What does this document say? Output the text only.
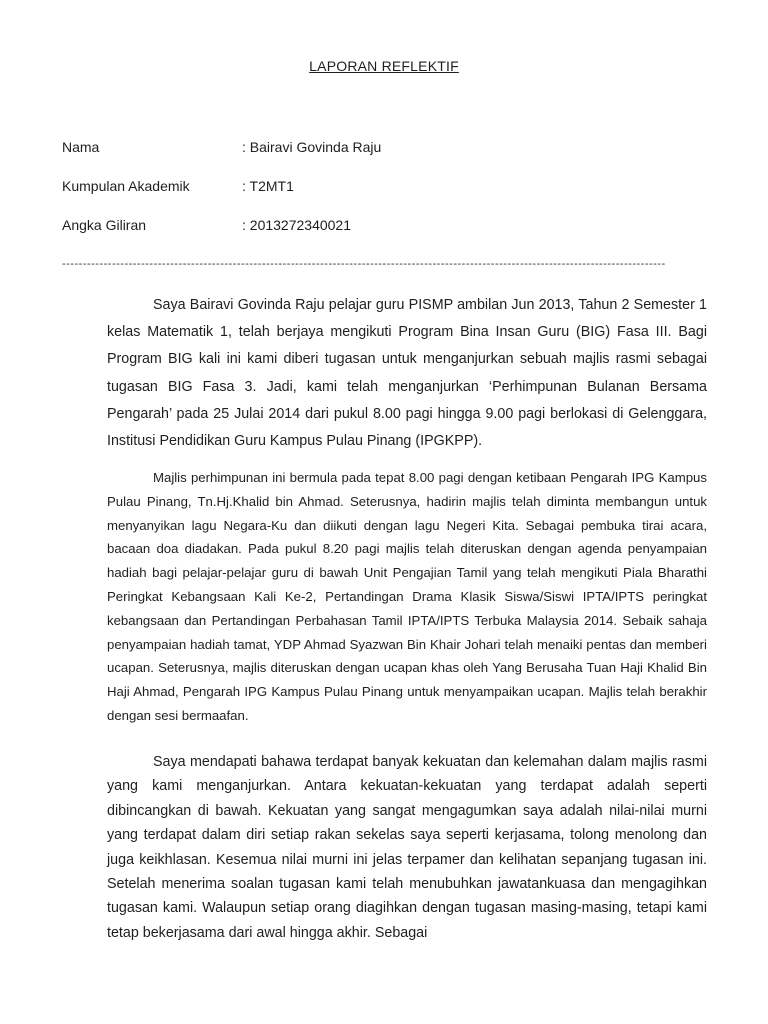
LAPORAN REFLEKTIF
Nama	: Bairavi Govinda Raju
Kumpulan Akademik	: T2MT1
Angka Giliran	: 2013272340021
-------------------------------------------------------------------------------------------------------------------------------------------------

Saya Bairavi Govinda Raju pelajar guru PISMP ambilan Jun 2013, Tahun 2 Semester 1 kelas Matematik 1, telah berjaya mengikuti Program Bina Insan Guru (BIG) Fasa III. Bagi Program BIG kali ini kami diberi tugasan untuk menganjurkan sebuah majlis rasmi sebagai tugasan BIG Fasa 3. Jadi, kami telah menganjurkan ‘Perhimpunan Bulanan Bersama Pengarah’ pada 25 Julai 2014 dari pukul 8.00 pagi hingga 9.00 pagi berlokasi di Gelenggara, Institusi Pendidikan Guru Kampus Pulau Pinang (IPGKPP).

Majlis perhimpunan ini bermula pada tepat 8.00 pagi dengan ketibaan Pengarah IPG Kampus Pulau Pinang, Tn.Hj.Khalid bin Ahmad. Seterusnya, hadirin majlis telah diminta membangun untuk menyanyikan lagu Negara-Ku dan diikuti dengan lagu Negeri Kita. Sebagai pembuka tirai acara, bacaan doa diadakan. Pada pukul 8.20 pagi majlis telah diteruskan dengan agenda penyampaian hadiah bagi pelajar-pelajar guru di bawah Unit Pengajian Tamil yang telah mengikuti Piala Bharathi Peringkat Kebangsaan Kali Ke-2, Pertandingan Drama Klasik Siswa/Siswi IPTA/IPTS peringkat kebangsaan dan Pertandingan Perbahasan Tamil IPTA/IPTS Terbuka Malaysia 2014. Sebaik sahaja penyampaian hadiah tamat, YDP Ahmad Syazwan Bin Khair Johari telah menaiki pentas dan memberi ucapan. Seterusnya, majlis diteruskan dengan ucapan khas oleh Yang Berusaha Tuan Haji Khalid Bin Haji Ahmad, Pengarah IPG Kampus Pulau Pinang untuk menyampaikan ucapan. Majlis telah berakhir dengan sesi bermaafan.

Saya mendapati bahawa terdapat banyak kekuatan dan kelemahan dalam majlis rasmi yang kami menganjurkan. Antara kekuatan-kekuatan yang terdapat adalah seperti dibincangkan di bawah. Kekuatan yang sangat mengagumkan saya adalah nilai-nilai murni yang terdapat dalam diri setiap rakan sekelas saya seperti kerjasama, tolong menolong dan juga keikhlasan. Kesemua nilai murni ini jelas terpamer dan kelihatan sepanjang tugasan ini. Setelah menerima soalan tugasan kami telah menubuhkan jawatankuasa dan mengagihkan tugasan kami. Walaupun setiap orang diagihkan dengan tugasan masing-masing, tetapi kami tetap bekerjasama dari awal hingga akhir. Sebagai
